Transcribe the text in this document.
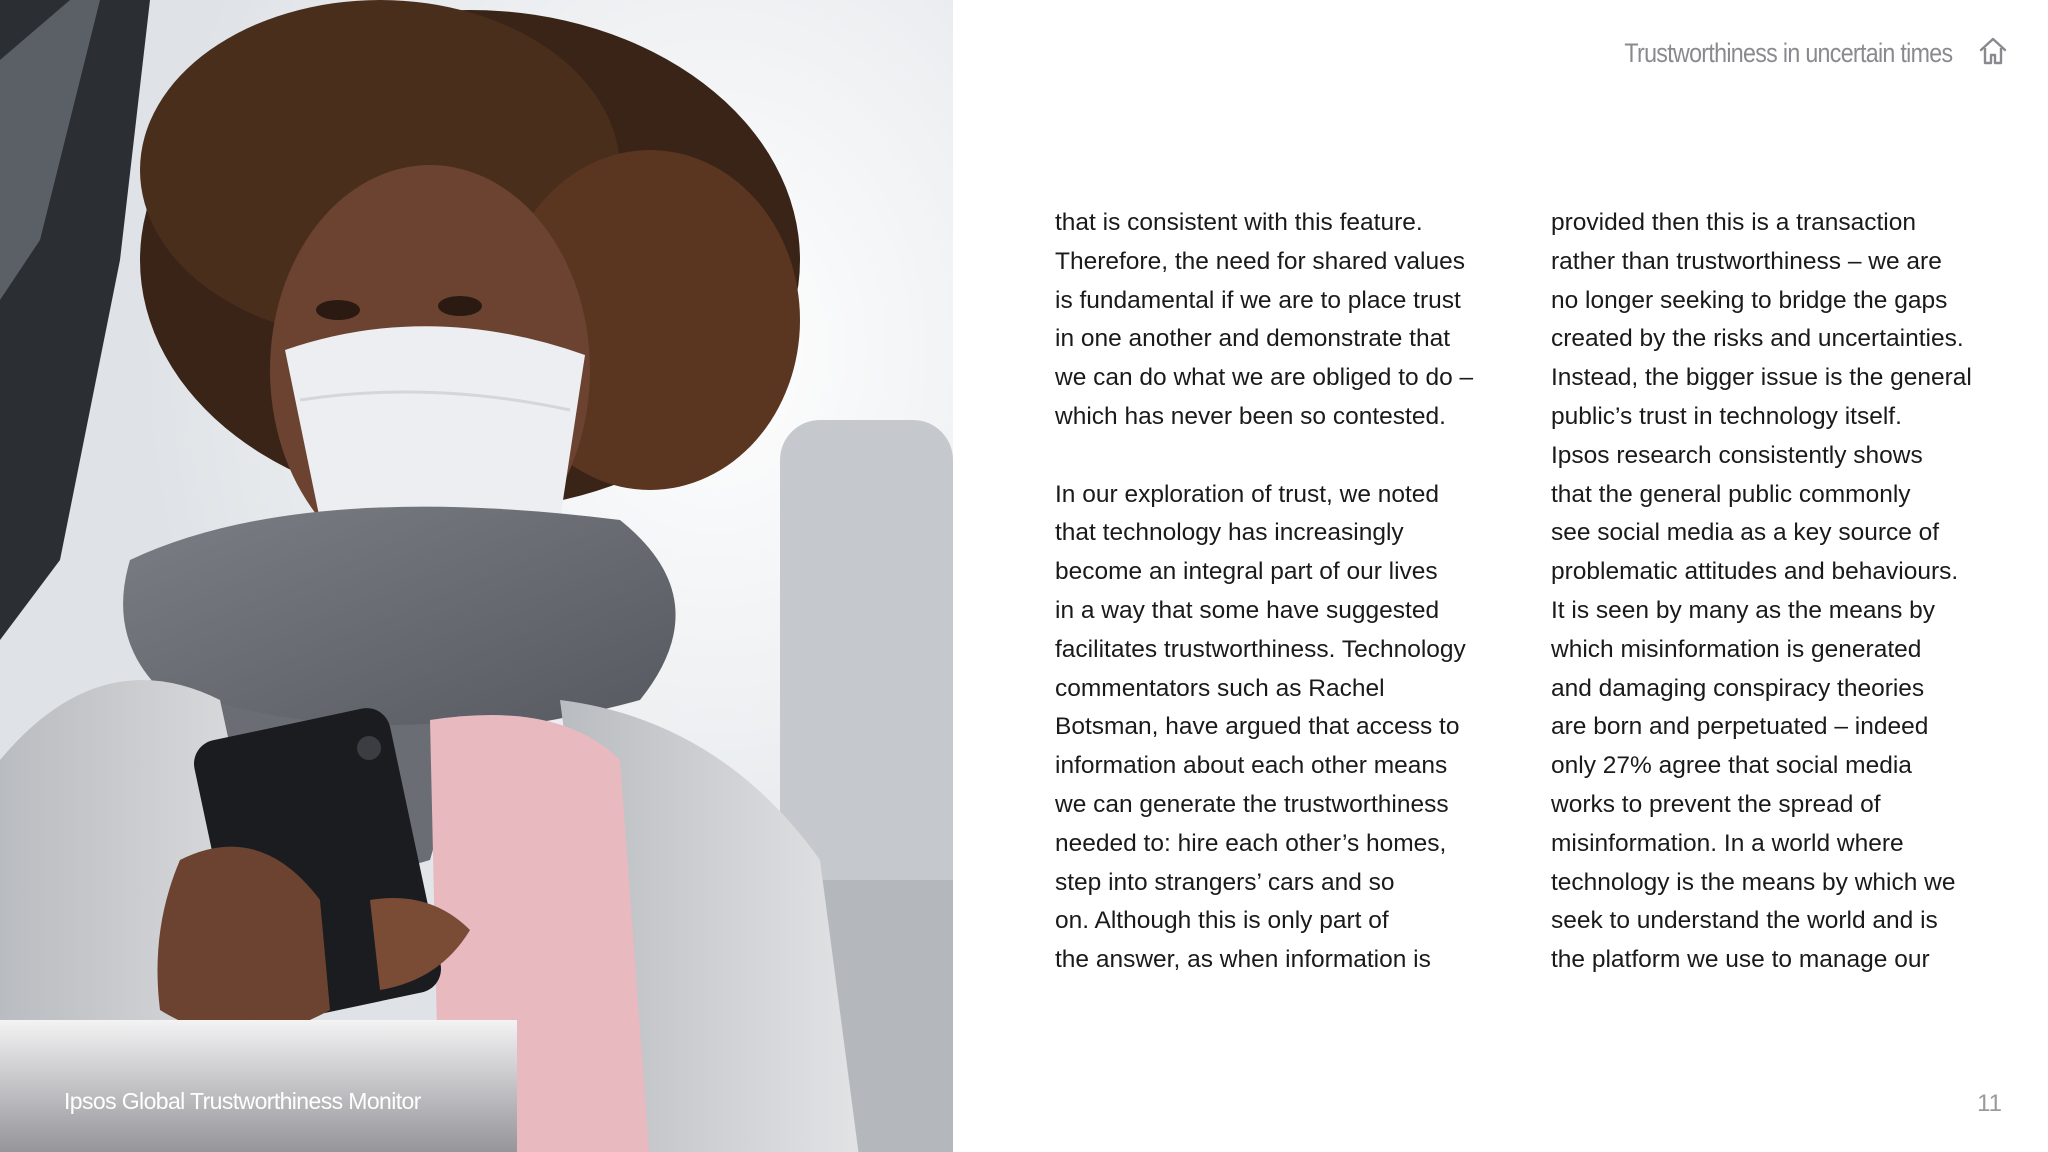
Ipsos Global Trustworthiness Monitor
Trustworthiness in uncertain times

that is consistent with this feature.
Therefore, the need for shared values
is fundamental if we are to place trust
in one another and demonstrate that
we can do what we are obliged to do –
which has never been so contested.

In our exploration of trust, we noted
that technology has increasingly
become an integral part of our lives
in a way that some have suggested
facilitates trustworthiness. Technology
commentators such as Rachel
Botsman, have argued that access to
information about each other means
we can generate the trustworthiness
needed to: hire each other’s homes,
step into strangers’ cars and so
on. Although this is only part of
the answer, as when information is

provided then this is a transaction
rather than trustworthiness – we are
no longer seeking to bridge the gaps
created by the risks and uncertainties.
Instead, the bigger issue is the general
public’s trust in technology itself.
Ipsos research consistently shows
that the general public commonly
see social media as a key source of
problematic attitudes and behaviours.
It is seen by many as the means by
which misinformation is generated
and damaging conspiracy theories
are born and perpetuated – indeed
only 27% agree that social media
works to prevent the spread of
misinformation. In a world where
technology is the means by which we
seek to understand the world and is
the platform we use to manage our

11
